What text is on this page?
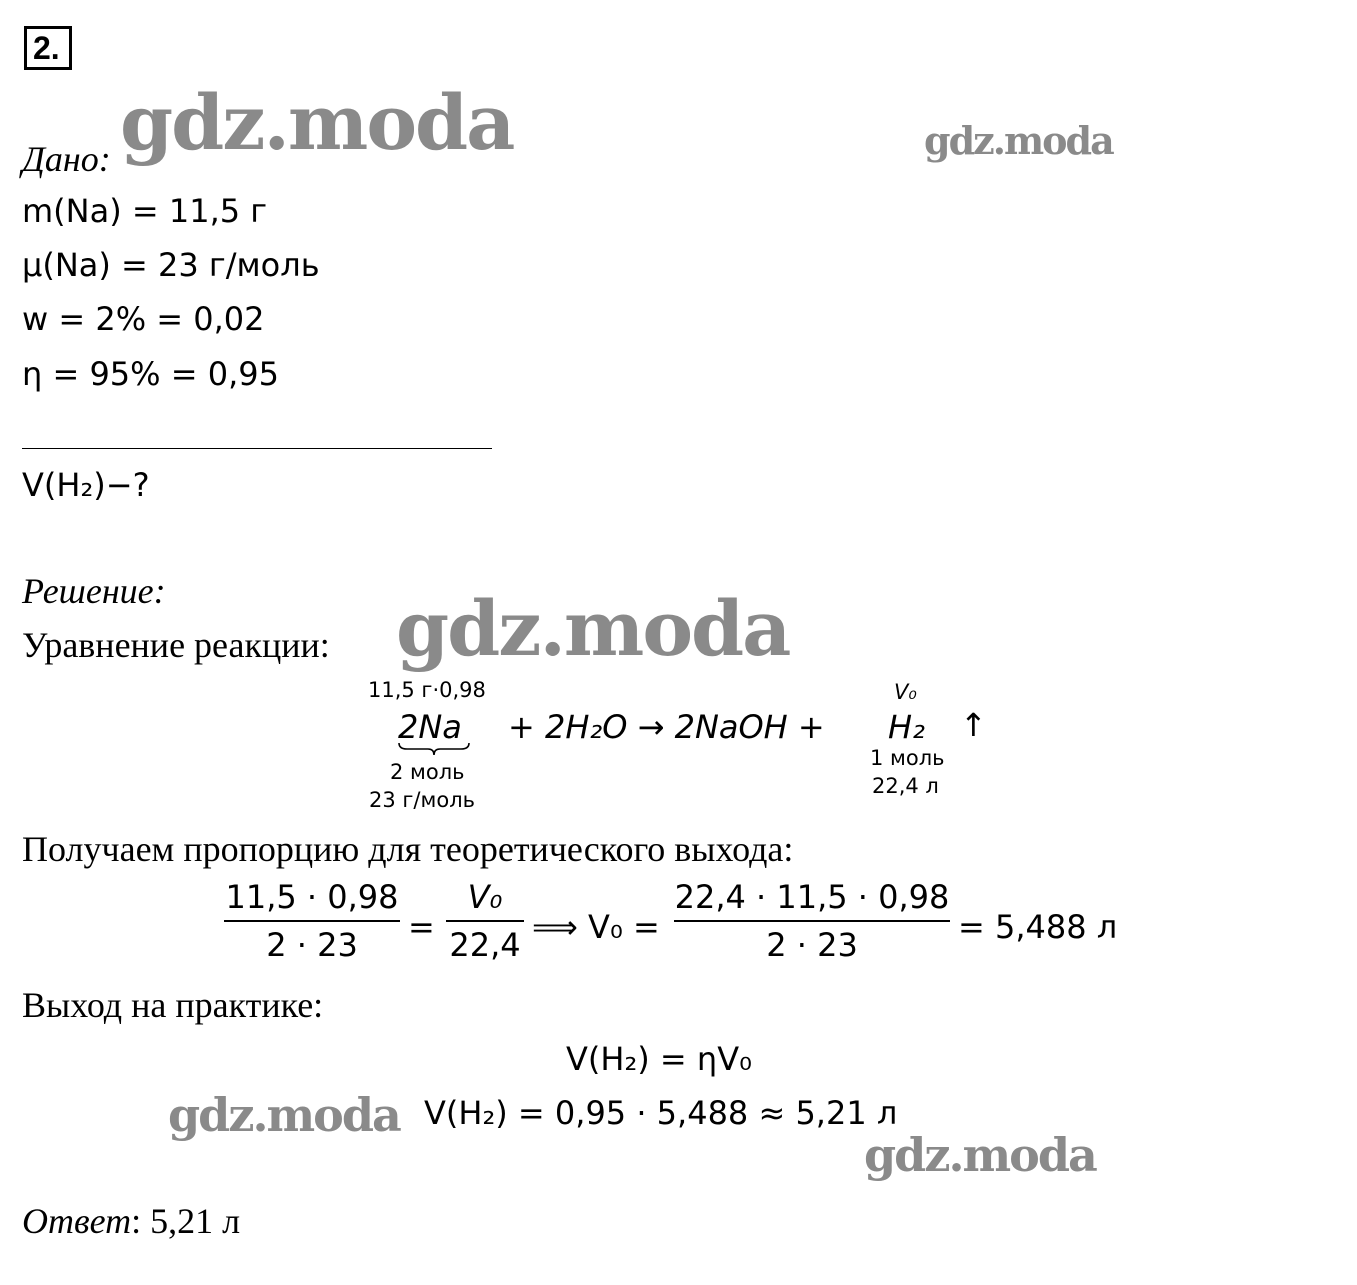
2.
gdz.moda	gdz.moda
gdz.moda
gdz.moda
gdz.moda
Дано:
m(Na) = 11,5 г
μ(Na) = 23 г/моль
w = 2% = 0,02
η = 95% = 0,95
V(H₂)−?
Решение:
Уравнение реакции:
11,5 г·0,98
2Na
2 моль
23 г/моль
+ 2H₂O → 2NaOH +
V₀
H₂ ↑
1 моль
22,4 л
Получаем пропорцию для теоретического выхода:
11,5 · 0,98
2 · 23	=
V₀
22,4 ⟹ V₀ =
22,4 · 11,5 · 0,98
2 · 23	= 5,488 л
Выход на практике:
V(H₂) = ηV₀
V(H₂) = 0,95 · 5,488 ≈ 5,21 л
Ответ: 5,21 л
